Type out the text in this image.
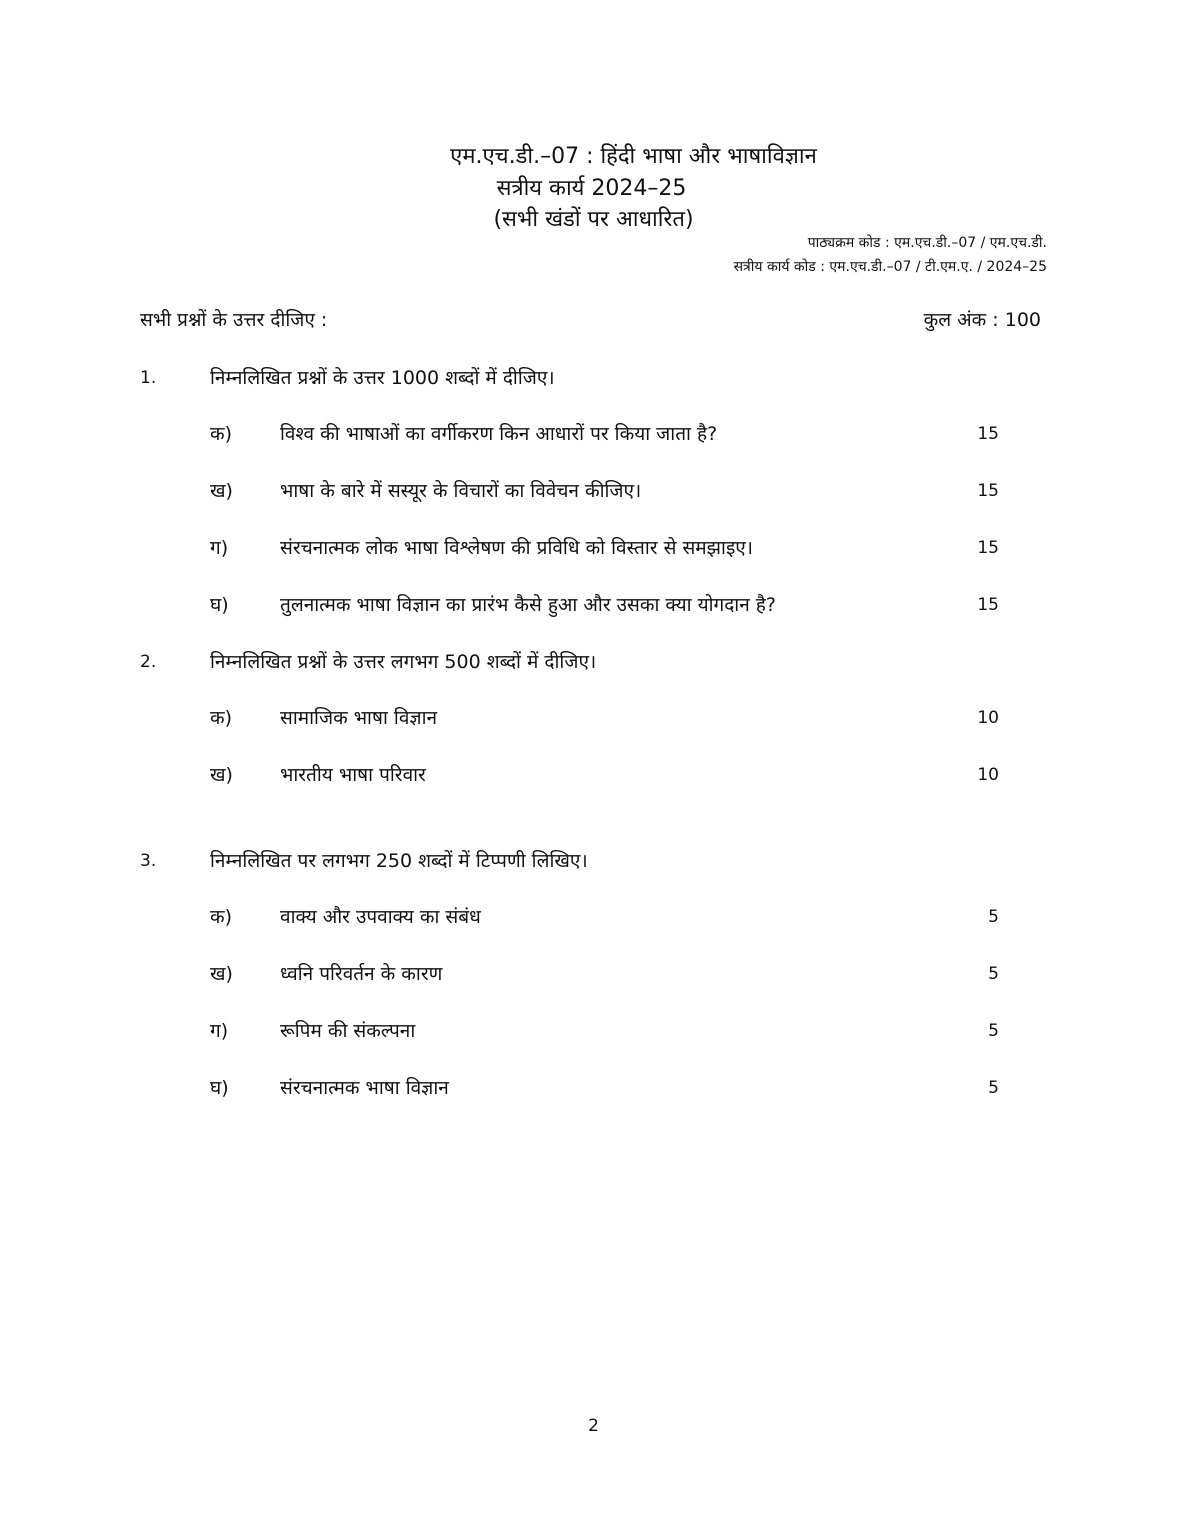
एम.एच.डी.–07 : हिंदी भाषा और भाषाविज्ञान
सत्रीय कार्य 2024–25
(सभी खंडों पर आधारित)
पाठ्यक्रम कोड : एम.एच.डी.–07 / एम.एच.डी.
सत्रीय कार्य कोड : एम.एच.डी.–07 / टी.एम.ए. / 2024–25
सभी प्रश्नों के उत्तर दीजिए :	कुल अंक : 100
1.	निम्नलिखित प्रश्नों के उत्तर 1000 शब्दों में दीजिए।
क)	विश्व की भाषाओं का वर्गीकरण किन आधारों पर किया जाता है?	15
ख) भाषा के बारे में सस्यूर के विचारों का विवेचन कीजिए।	15
ग)	संरचनात्मक लोक भाषा विश्लेषण की प्रविधि को विस्तार से समझाइए।	15
घ)	तुलनात्मक भाषा विज्ञान का प्रारंभ कैसे हुआ और उसका क्या योगदान है?	15
2.	निम्नलिखित प्रश्नों के उत्तर लगभग 500 शब्दों में दीजिए।
क)	सामाजिक भाषा विज्ञान	10
ख) भारतीय भाषा परिवार	10
3.	निम्नलिखित पर लगभग 250 शब्दों में टिप्पणी लिखिए।
क)	वाक्य और उपवाक्य का संबंध	5
ख) ध्वनि परिवर्तन के कारण	5
ग)	रूपिम की संकल्पना	5
घ)	संरचनात्मक भाषा विज्ञान	5
2
